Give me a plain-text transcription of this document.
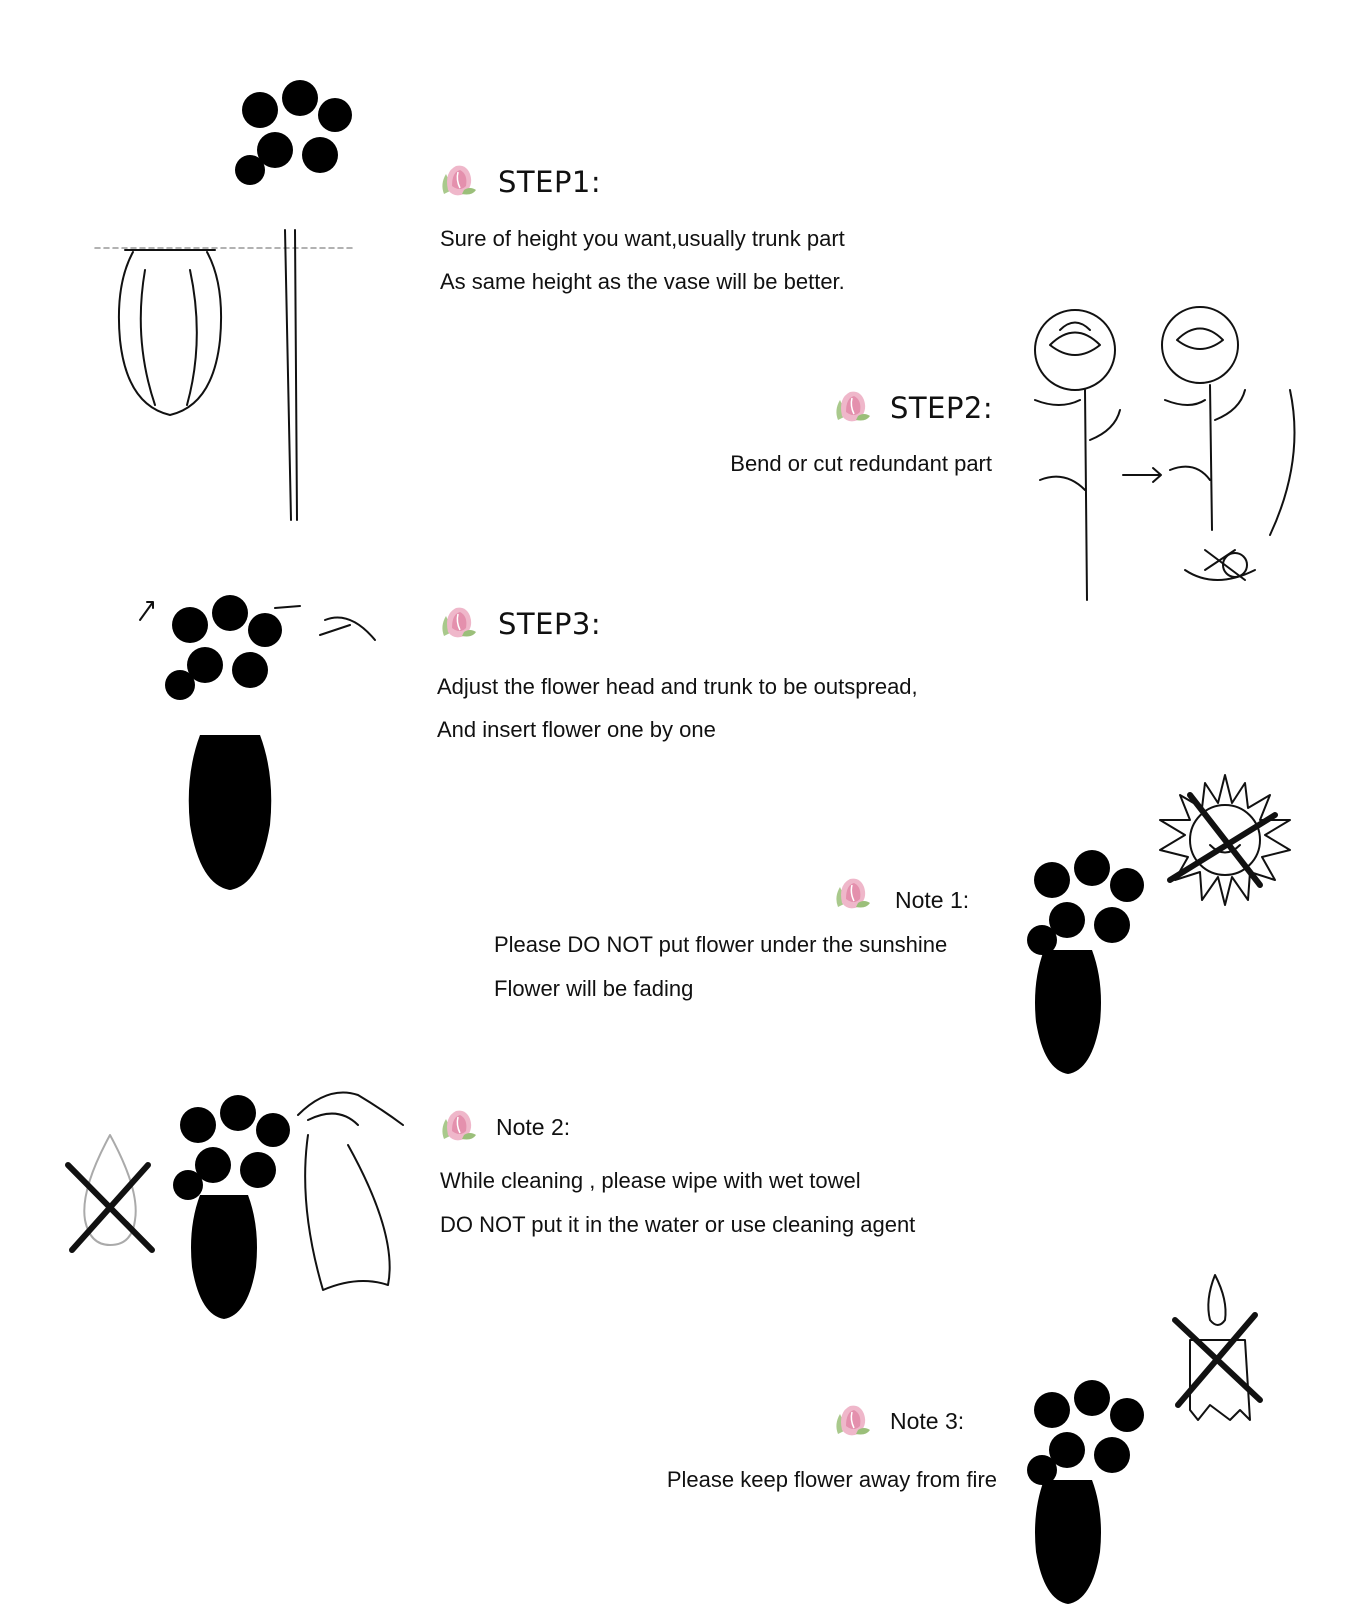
STEP1:
Sure of height you want,usually trunk part
As same height as the vase will be better.
STEP2:
Bend or cut redundant part
STEP3:
Adjust the flower head and trunk to be outspread,
And insert flower one by one
Note 1:
Please DO NOT put flower under the sunshine
Flower will be fading
Note 2:
While cleaning , please wipe with wet towel
DO NOT put it in the water or use cleaning agent
Note 3:
Please keep flower away from fire
